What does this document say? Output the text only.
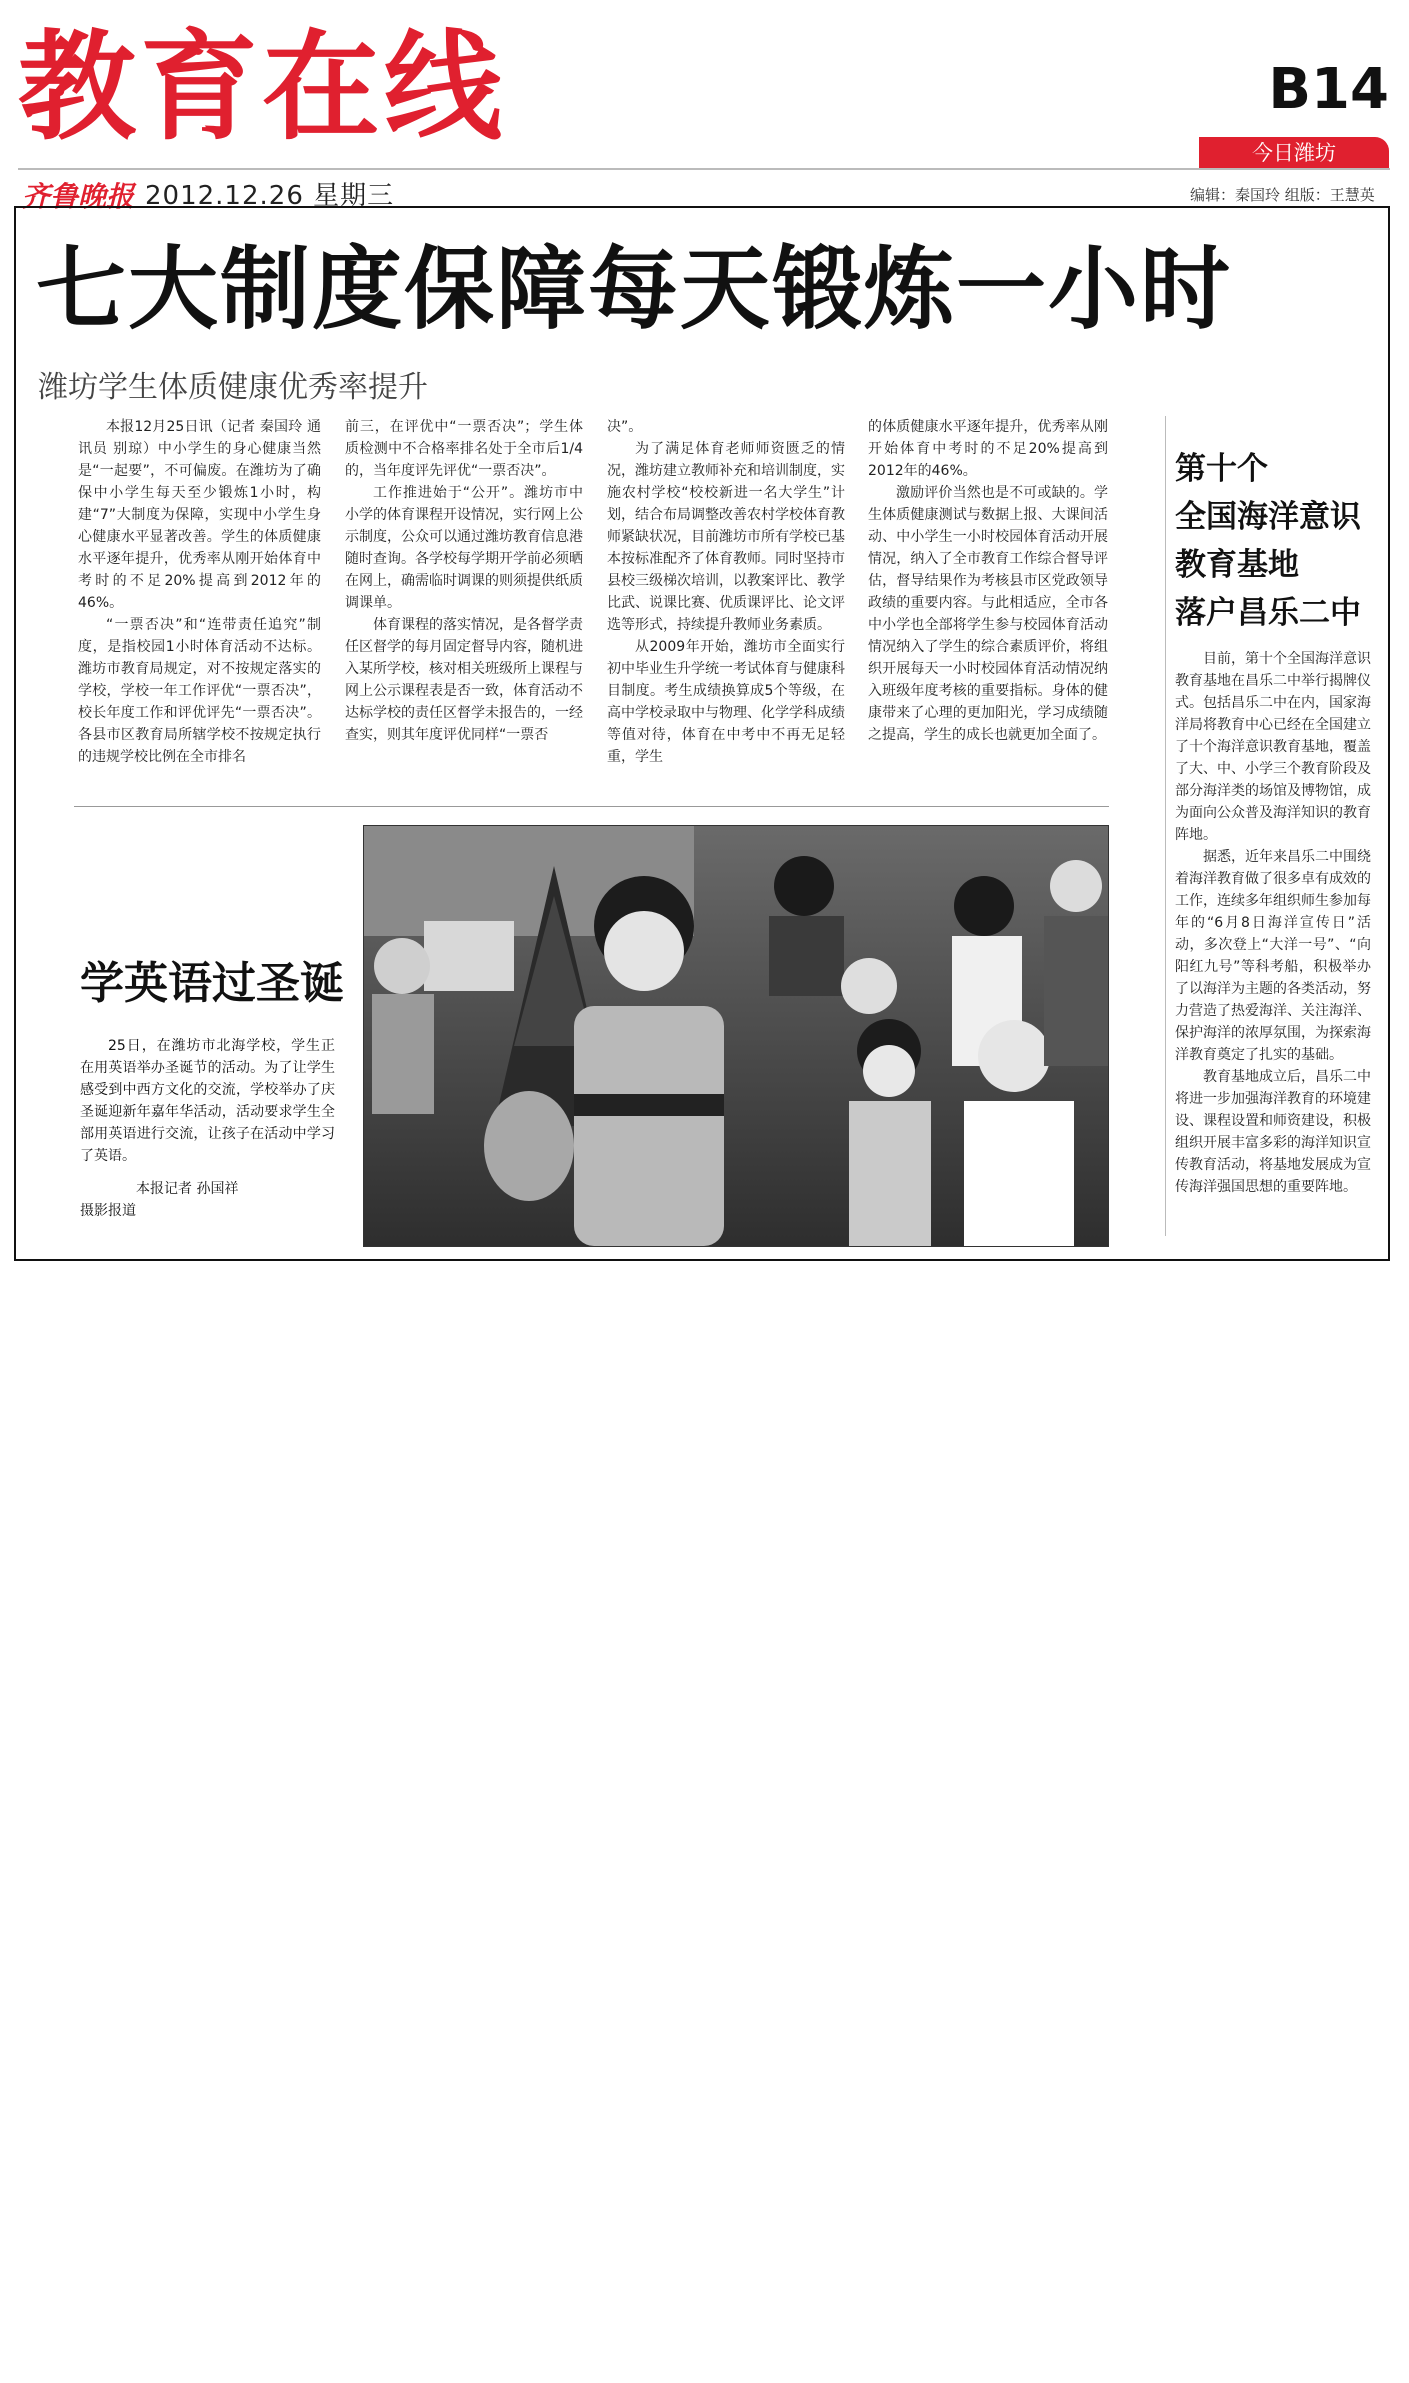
教育在线	B14
今日潍坊
齐鲁晚报 2012.12.26 星期三	编辑：秦国玲 组版：王慧英
七大制度保障每天锻炼一小时
潍坊学生体质健康优秀率提升

本报12月25日讯（记者 秦国玲 通讯员 别琼）中小学生的身心健康当然是“一起要”，不可偏废。在潍坊为了确保中小学生每天至少锻炼1小时，构建“7”大制度为保障，实现中小学生身心健康水平显著改善。学生的体质健康水平逐年提升，优秀率从刚开始体育中考时的不足20%提高到2012年的46%。

“一票否决”和“连带责任追究”制度，是指校园1小时体育活动不达标。潍坊市教育局规定，对不按规定落实的学校，学校一年工作评优“一票否决”，校长年度工作和评优评先“一票否决”。各县市区教育局所辖学校不按规定执行的违规学校比例在全市排名

前三，在评优中“一票否决”；学生体质检测中不合格率排名处于全市后1/4的，当年度评先评优“一票否决”。

工作推进始于“公开”。潍坊市中小学的体育课程开设情况，实行网上公示制度，公众可以通过潍坊教育信息港随时查询。各学校每学期开学前必须晒在网上，确需临时调课的则须提供纸质调课单。

体育课程的落实情况，是各督学责任区督学的每月固定督导内容，随机进入某所学校，核对相关班级所上课程与网上公示课程表是否一致，体育活动不达标学校的责任区督学未报告的，一经查实，则其年度评优同样“一票否

决”。

为了满足体育老师师资匮乏的情况，潍坊建立教师补充和培训制度，实施农村学校“校校新进一名大学生”计划，结合布局调整改善农村学校体育教师紧缺状况，目前潍坊市所有学校已基本按标准配齐了体育教师。同时坚持市县校三级梯次培训，以教案评比、教学比武、说课比赛、优质课评比、论文评选等形式，持续提升教师业务素质。

从2009年开始，潍坊市全面实行初中毕业生升学统一考试体育与健康科目制度。考生成绩换算成5个等级，在高中学校录取中与物理、化学学科成绩等值对待，体育在中考中不再无足轻重，学生

的体质健康水平逐年提升，优秀率从刚开始体育中考时的不足20%提高到2012年的46%。

激励评价当然也是不可或缺的。学生体质健康测试与数据上报、大课间活动、中小学生一小时校园体育活动开展情况，纳入了全市教育工作综合督导评估，督导结果作为考核县市区党政领导政绩的重要内容。与此相适应，全市各中小学也全部将学生参与校园体育活动情况纳入了学生的综合素质评价，将组织开展每天一小时校园体育活动情况纳入班级年度考核的重要指标。身体的健康带来了心理的更加阳光，学习成绩随之提高，学生的成长也就更加全面了。

第十个
全国海洋意识
教育基地
落户昌乐二中

目前，第十个全国海洋意识教育基地在昌乐二中举行揭牌仪式。包括昌乐二中在内，国家海洋局将教育中心已经在全国建立了十个海洋意识教育基地，覆盖了大、中、小学三个教育阶段及部分海洋类的场馆及博物馆，成为面向公众普及海洋知识的教育阵地。

据悉，近年来昌乐二中围绕着海洋教育做了很多卓有成效的工作，连续多年组织师生参加每年的“6月8日海洋宣传日”活动，多次登上“大洋一号”、“向阳红九号”等科考船，积极举办了以海洋为主题的各类活动，努力营造了热爱海洋、关注海洋、保护海洋的浓厚氛围，为探索海洋教育奠定了扎实的基础。

教育基地成立后，昌乐二中将进一步加强海洋教育的环境建设、课程设置和师资建设，积极组织开展丰富多彩的海洋知识宣传教育活动，将基地发展成为宣传海洋强国思想的重要阵地。

学英语过圣诞

25日，在潍坊市北海学校，学生正在用英语举办圣诞节的活动。为了让学生感受到中西方文化的交流，学校举办了庆圣诞迎新年嘉年华活动，活动要求学生全部用英语进行交流，让孩子在活动中学习了英语。

本报记者 孙国祥
摄影报道
